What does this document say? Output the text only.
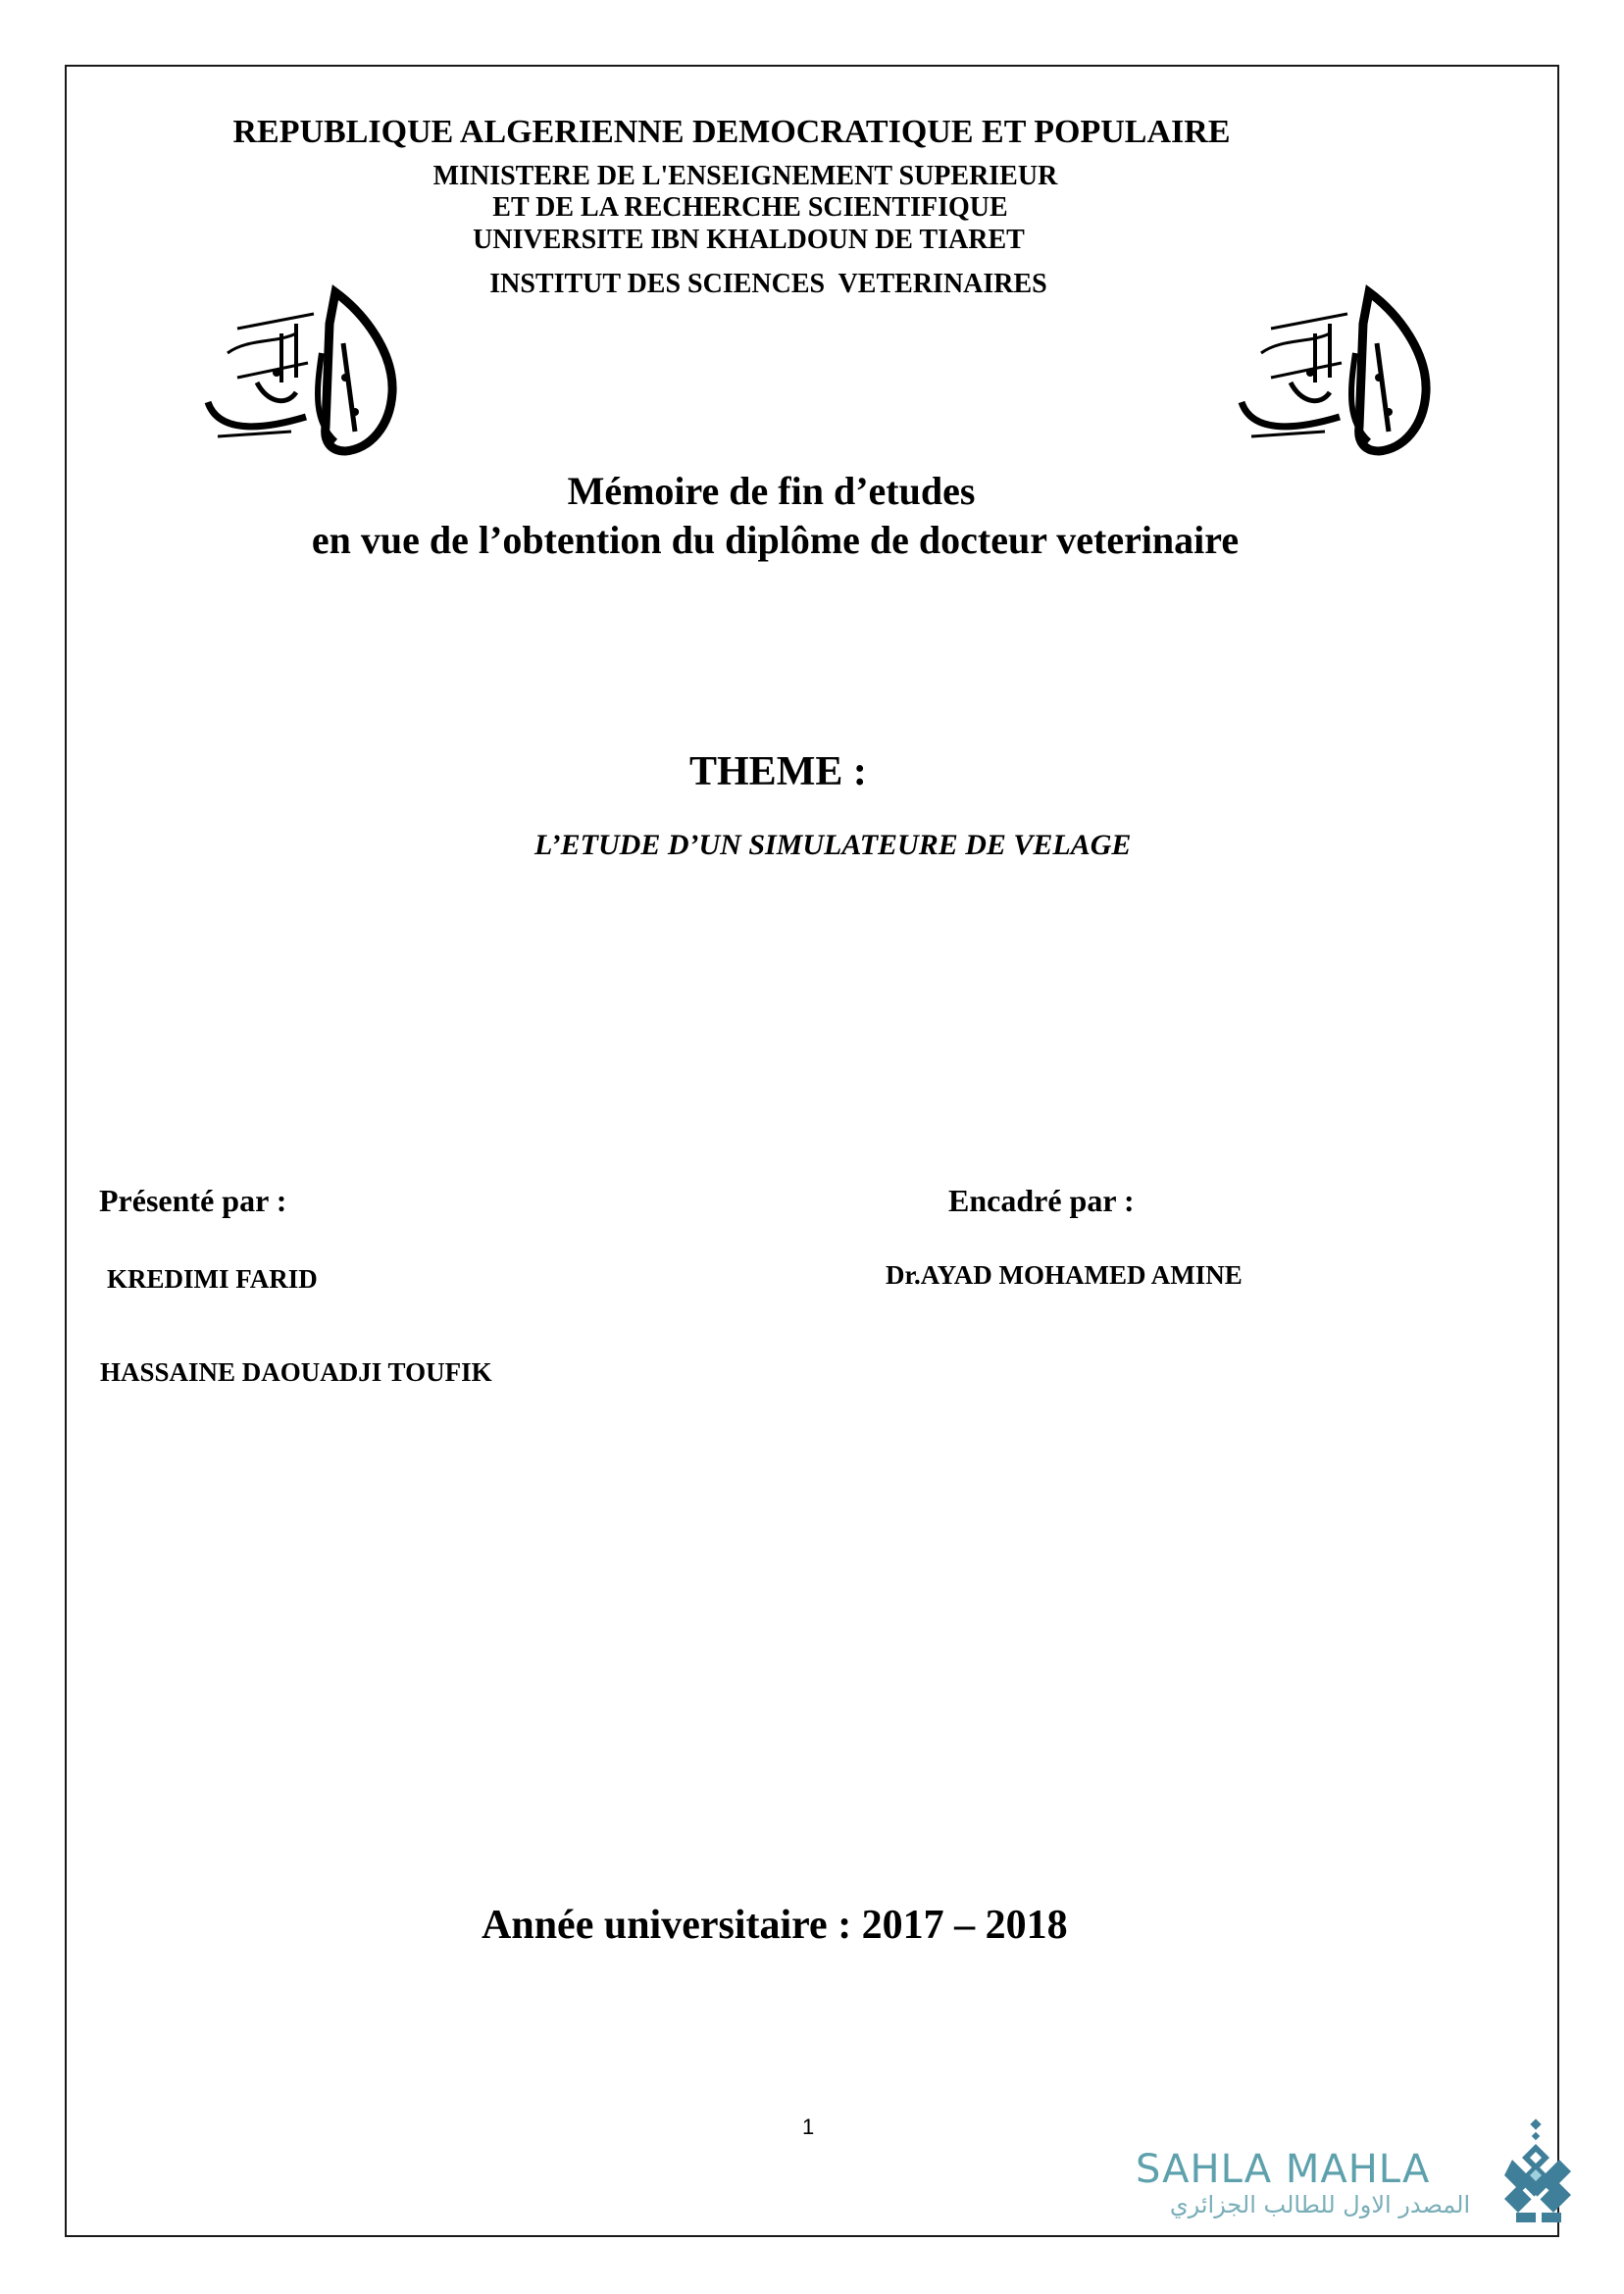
REPUBLIQUE ALGERIENNE DEMOCRATIQUE ET POPULAIRE
MINISTERE DE L'ENSEIGNEMENT SUPERIEUR
ET DE LA RECHERCHE SCIENTIFIQUE
UNIVERSITE IBN KHALDOUN DE TIARET
INSTITUT DES SCIENCES  VETERINAIRES
Mémoire de fin d’etudes
en vue de l’obtention du diplôme de docteur veterinaire
THEME :
L’ETUDE D’UN SIMULATEURE DE VELAGE
Présenté par :	Encadré par :
KREDIMI FARID	Dr.AYAD MOHAMED AMINE
HASSAINE DAOUADJI TOUFIK
Année universitaire : 2017 – 2018
1
SAHLA MAHLA
المصدر الاول للطالب الجزائري
